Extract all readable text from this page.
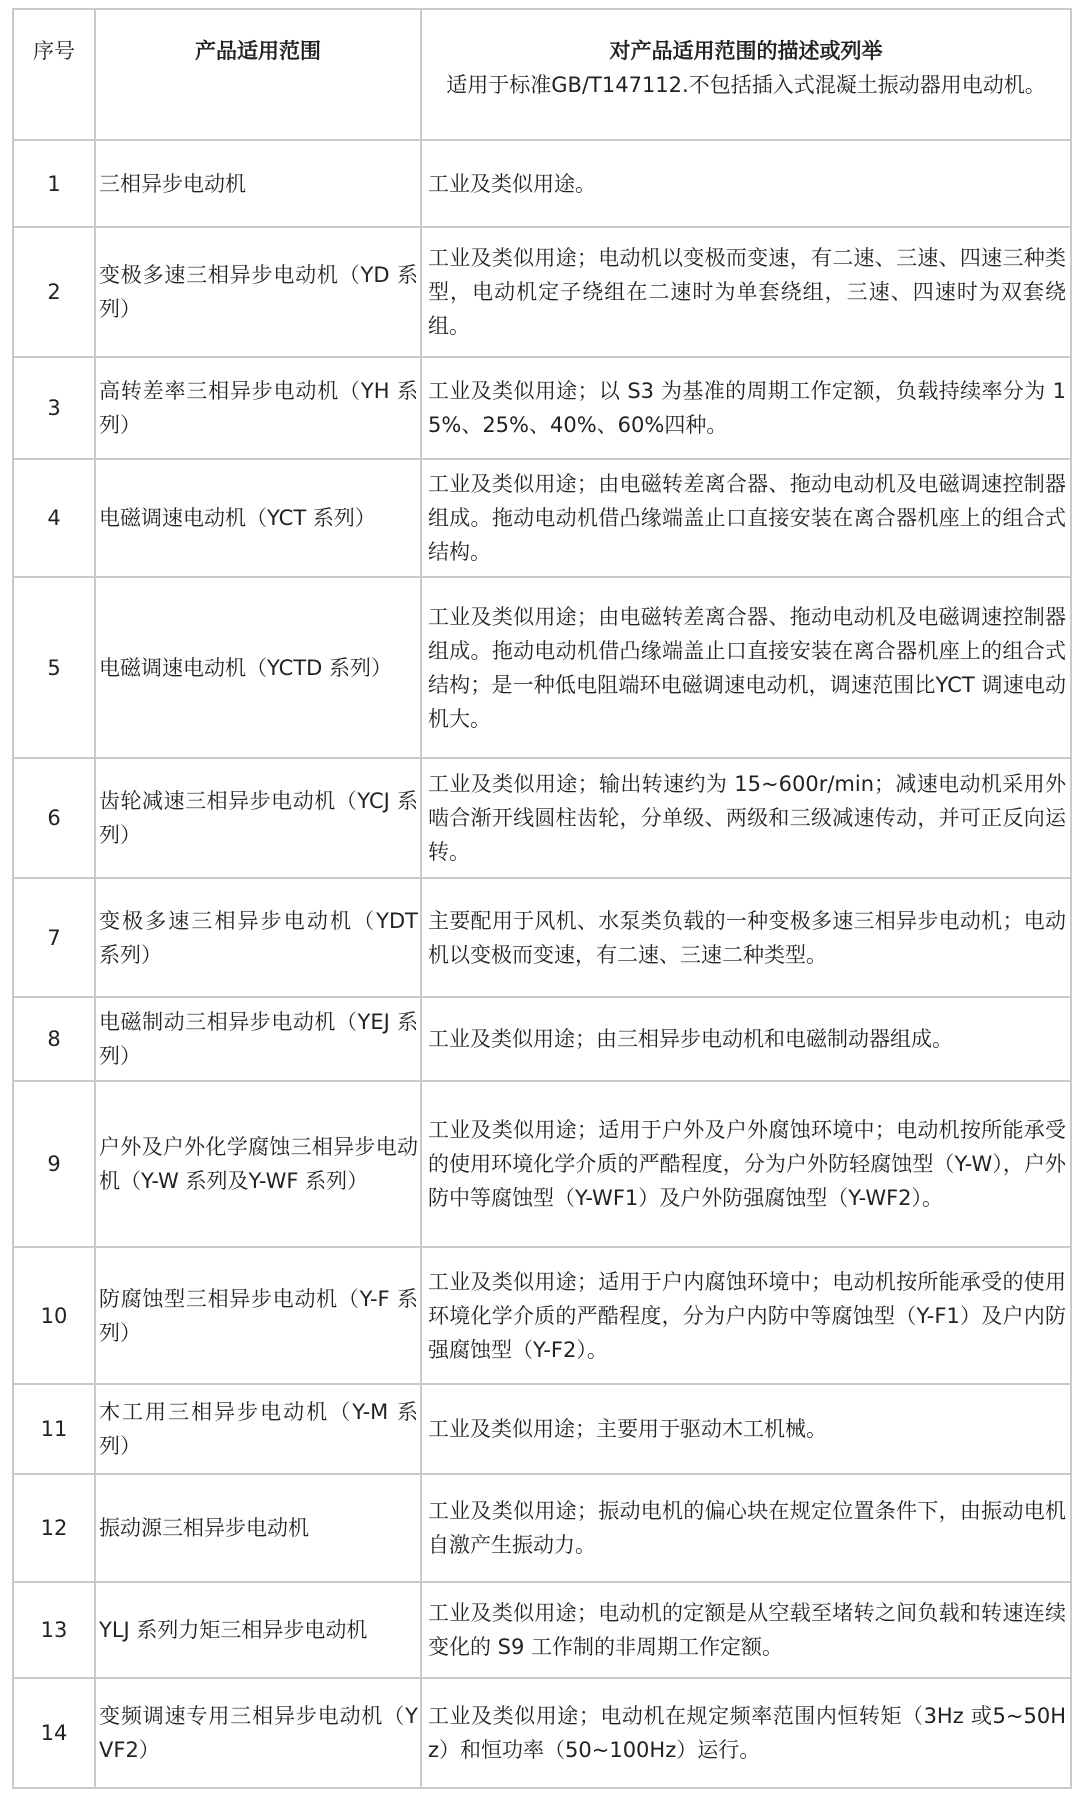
序号	产品适用范围	对产品适用范围的描述或列举
适用于标准GB/T147112.不包括插入式混凝土振动器用电动机。

1	三相异步电动机	工业及类似用途。
2	变极多速三相异步电动机（YD 系列）	工业及类似用途；电动机以变极而变速，有二速、三速、四速三种类型，电动机定子绕组在二速时为单套绕组，三速、四速时为双套绕组。
3	高转差率三相异步电动机（YH 系列）	工业及类似用途；以 S3 为基准的周期工作定额，负载持续率分为 15%、25%、40%、60%四种。
4	电磁调速电动机（YCT 系列）	工业及类似用途；由电磁转差离合器、拖动电动机及电磁调速控制器组成。拖动电动机借凸缘端盖止口直接安装在离合器机座上的组合式结构。
5	电磁调速电动机（YCTD 系列）	工业及类似用途；由电磁转差离合器、拖动电动机及电磁调速控制器组成。拖动电动机借凸缘端盖止口直接安装在离合器机座上的组合式结构；是一种低电阻端环电磁调速电动机，调速范围比YCT 调速电动机大。
6	齿轮减速三相异步电动机（YCJ 系列）	工业及类似用途；输出转速约为 15~600r/min；减速电动机采用外啮合渐开线圆柱齿轮，分单级、两级和三级减速传动，并可正反向运转。
7	变极多速三相异步电动机（YDT 系列）	主要配用于风机、水泵类负载的一种变极多速三相异步电动机；电动机以变极而变速，有二速、三速二种类型。
8	电磁制动三相异步电动机（YEJ 系列）	工业及类似用途；由三相异步电动机和电磁制动器组成。
9	户外及户外化学腐蚀三相异步电动机（Y-W 系列及Y-WF 系列）	工业及类似用途；适用于户外及户外腐蚀环境中；电动机按所能承受的使用环境化学介质的严酷程度，分为户外防轻腐蚀型（Y-W），户外防中等腐蚀型（Y-WF1）及户外防强腐蚀型（Y-WF2）。
10	防腐蚀型三相异步电动机（Y-F 系列）	工业及类似用途；适用于户内腐蚀环境中；电动机按所能承受的使用环境化学介质的严酷程度，分为户内防中等腐蚀型（Y-F1）及户内防强腐蚀型（Y-F2）。
11	木工用三相异步电动机（Y-M 系列）	工业及类似用途；主要用于驱动木工机械。
12	振动源三相异步电动机	工业及类似用途；振动电机的偏心块在规定位置条件下，由振动电机自激产生振动力。
13	YLJ 系列力矩三相异步电动机	工业及类似用途；电动机的定额是从空载至堵转之间负载和转速连续变化的 S9 工作制的非周期工作定额。
14	变频调速专用三相异步电动机（YVF2）	工业及类似用途；电动机在规定频率范围内恒转矩（3Hz 或5~50Hz）和恒功率（50~100Hz）运行。
